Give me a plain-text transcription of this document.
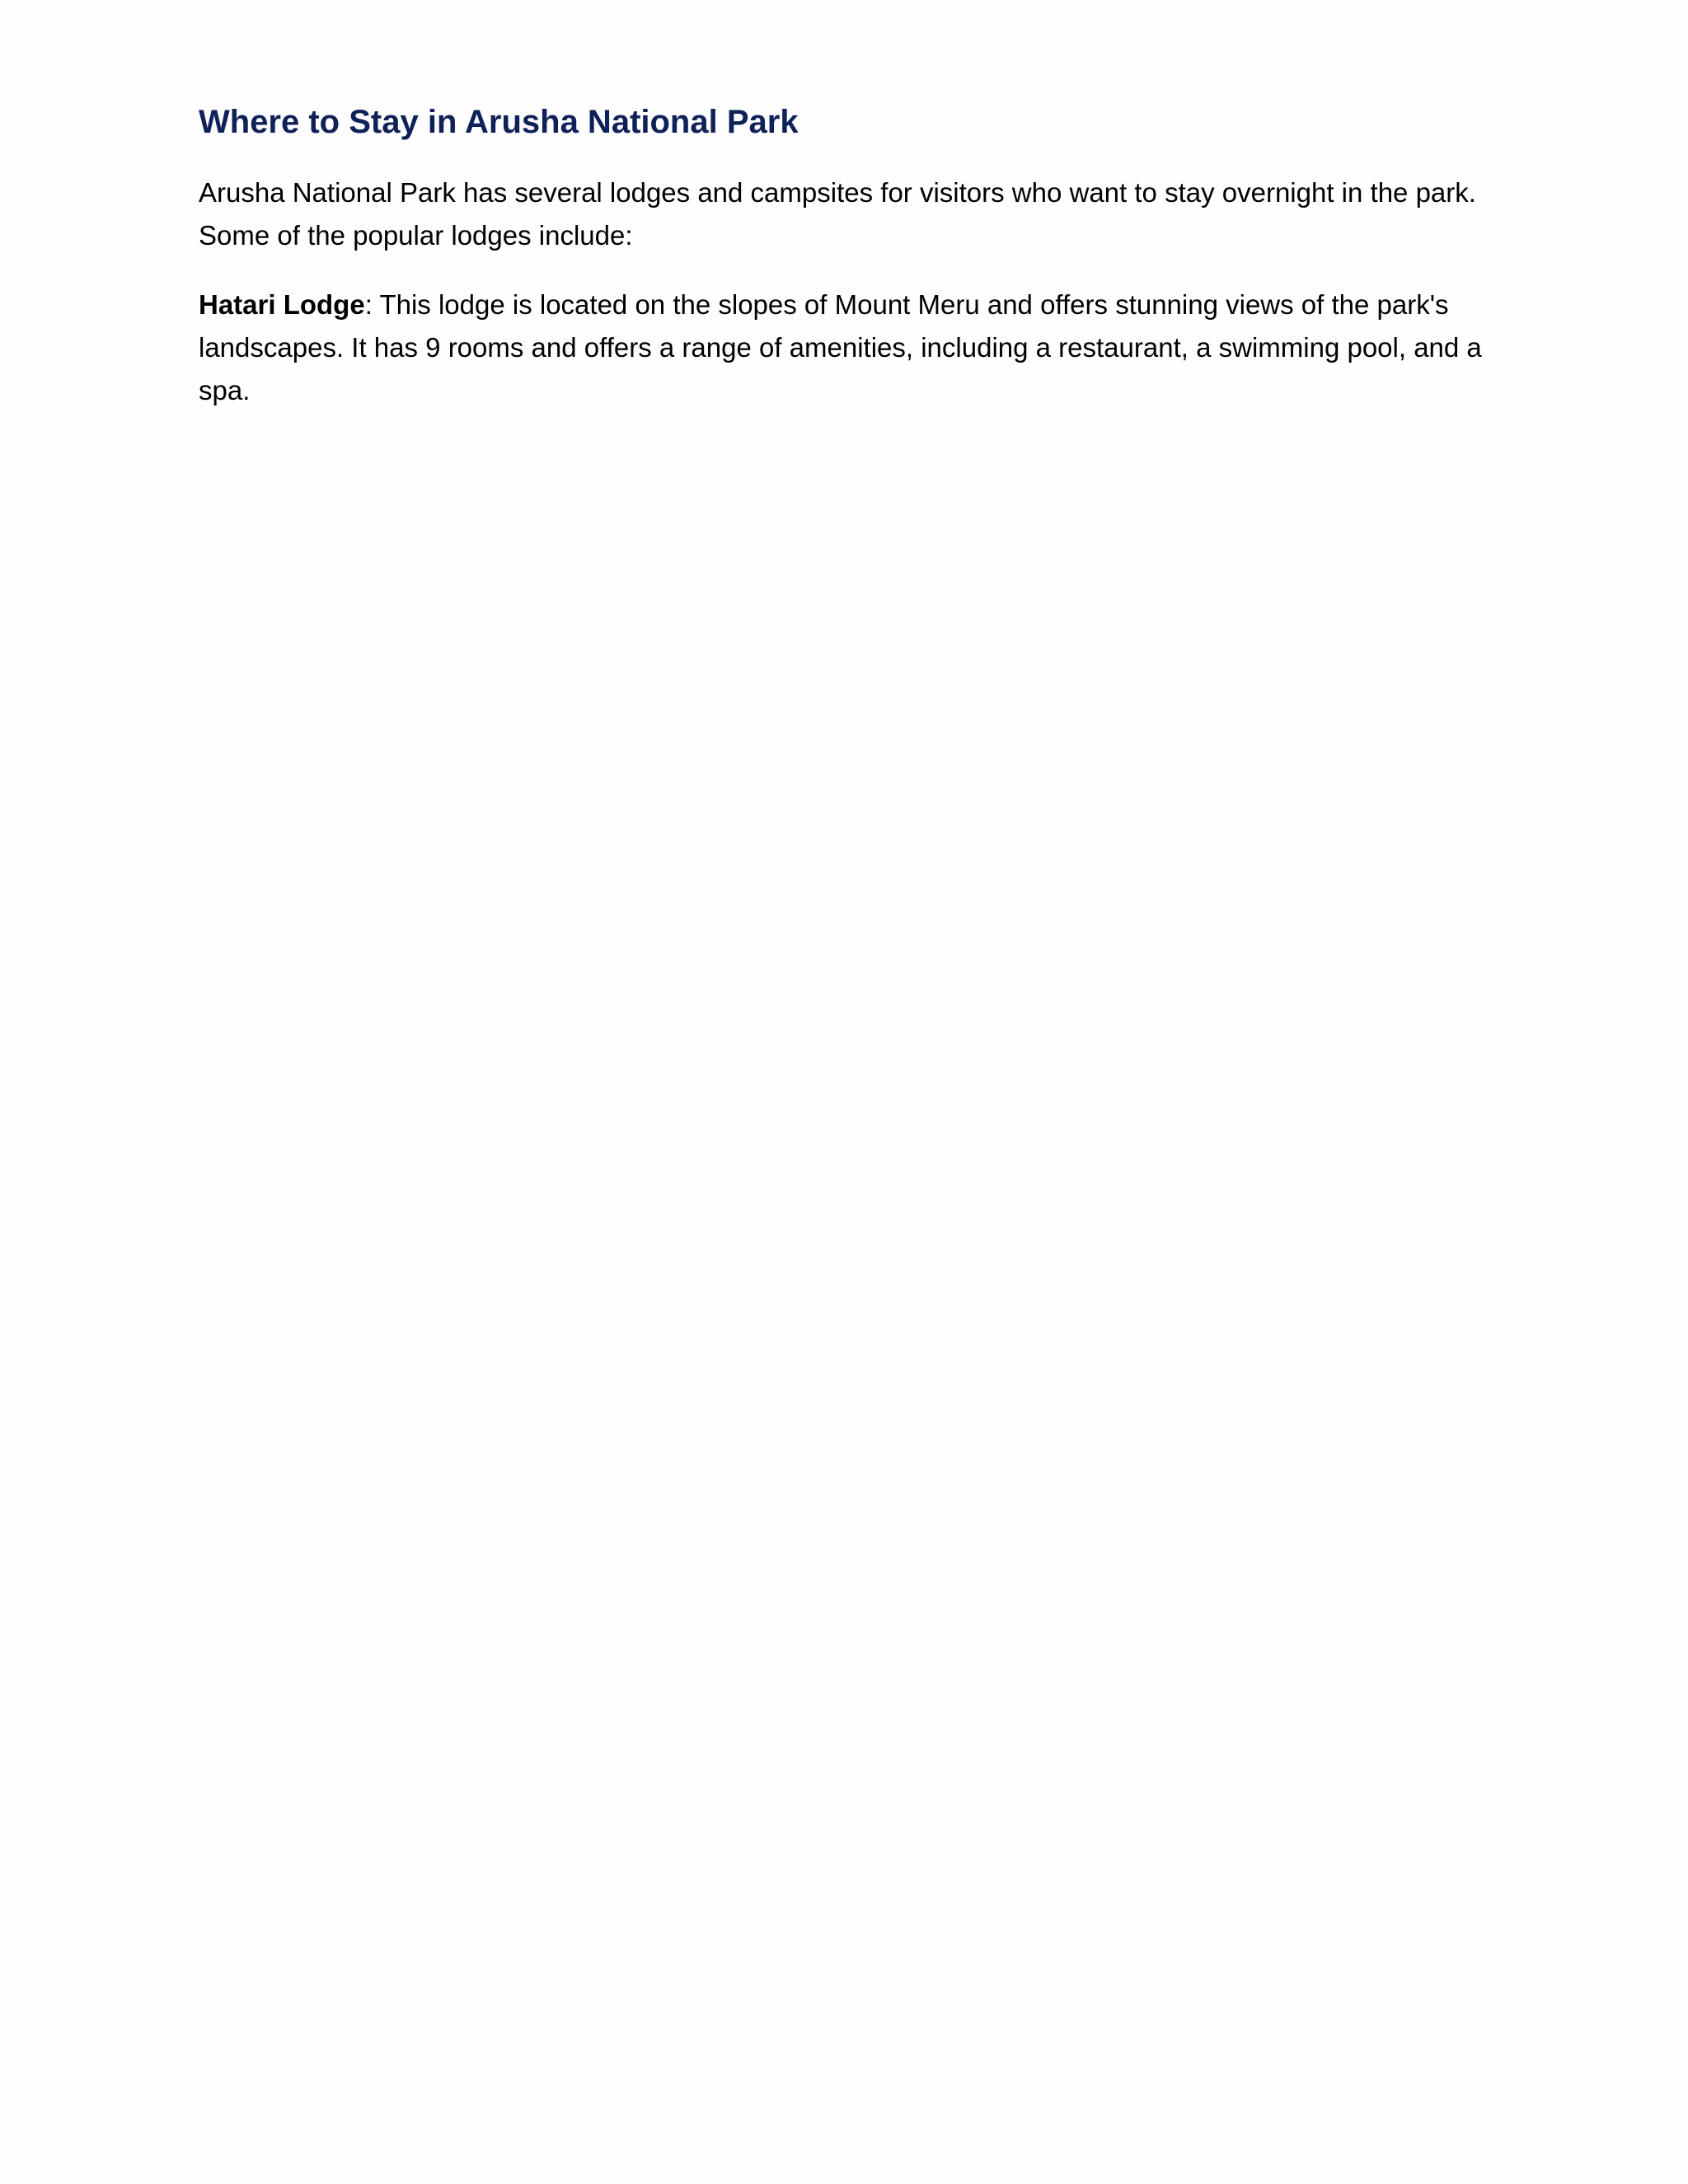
Where to Stay in Arusha National Park

Arusha National Park has several lodges and campsites for visitors who want to stay overnight in the park. Some of the popular lodges include:

Hatari Lodge: This lodge is located on the slopes of Mount Meru and offers stunning views of the park's landscapes. It has 9 rooms and offers a range of amenities, including a restaurant, a swimming pool, and a spa.
